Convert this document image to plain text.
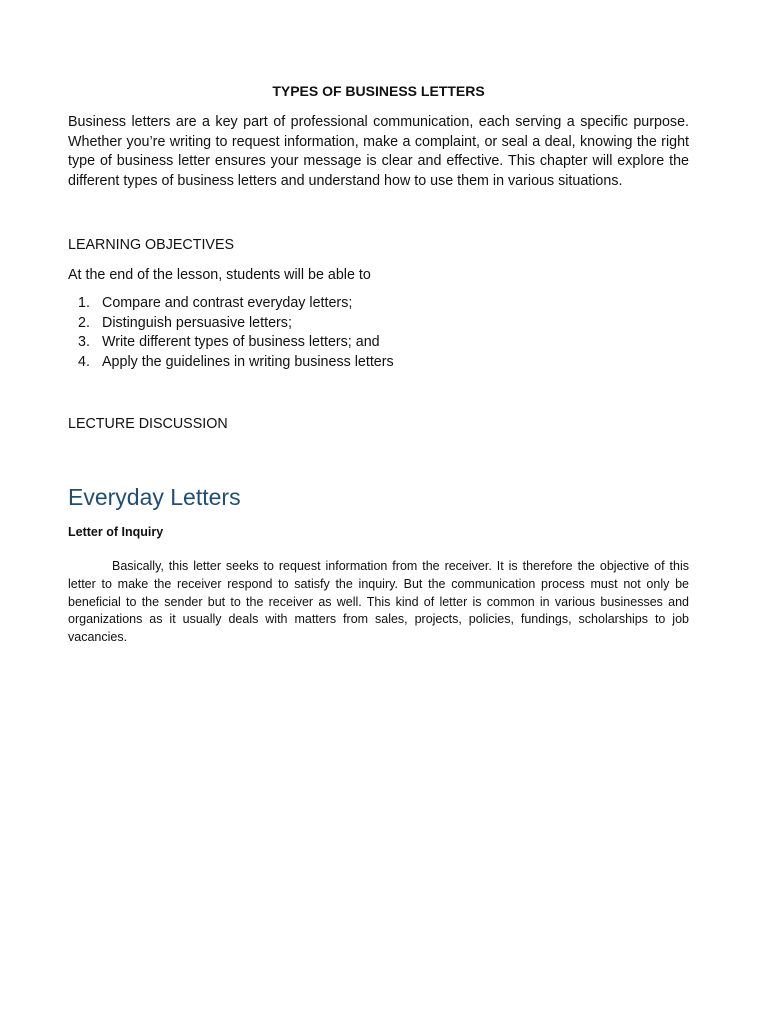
TYPES OF BUSINESS LETTERS

Business letters are a key part of professional communication, each serving a specific purpose. Whether you’re writing to request information, make a complaint, or seal a deal, knowing the right type of business letter ensures your message is clear and effective. This chapter will explore the different types of business letters and understand how to use them in various situations.

LEARNING OBJECTIVES

At the end of the lesson, students will be able to

1. Compare and contrast everyday letters;
2. Distinguish persuasive letters;
3. Write different types of business letters; and
4. Apply the guidelines in writing business letters
LECTURE DISCUSSION
Everyday Letters
Letter of Inquiry

Basically, this letter seeks to request information from the receiver. It is therefore the objective of this letter to make the receiver respond to satisfy the inquiry. But the communication process must not only be beneficial to the sender but to the receiver as well. This kind of letter is common in various businesses and organizations as it usually deals with matters from sales, projects, policies, fundings, scholarships to job vacancies.
